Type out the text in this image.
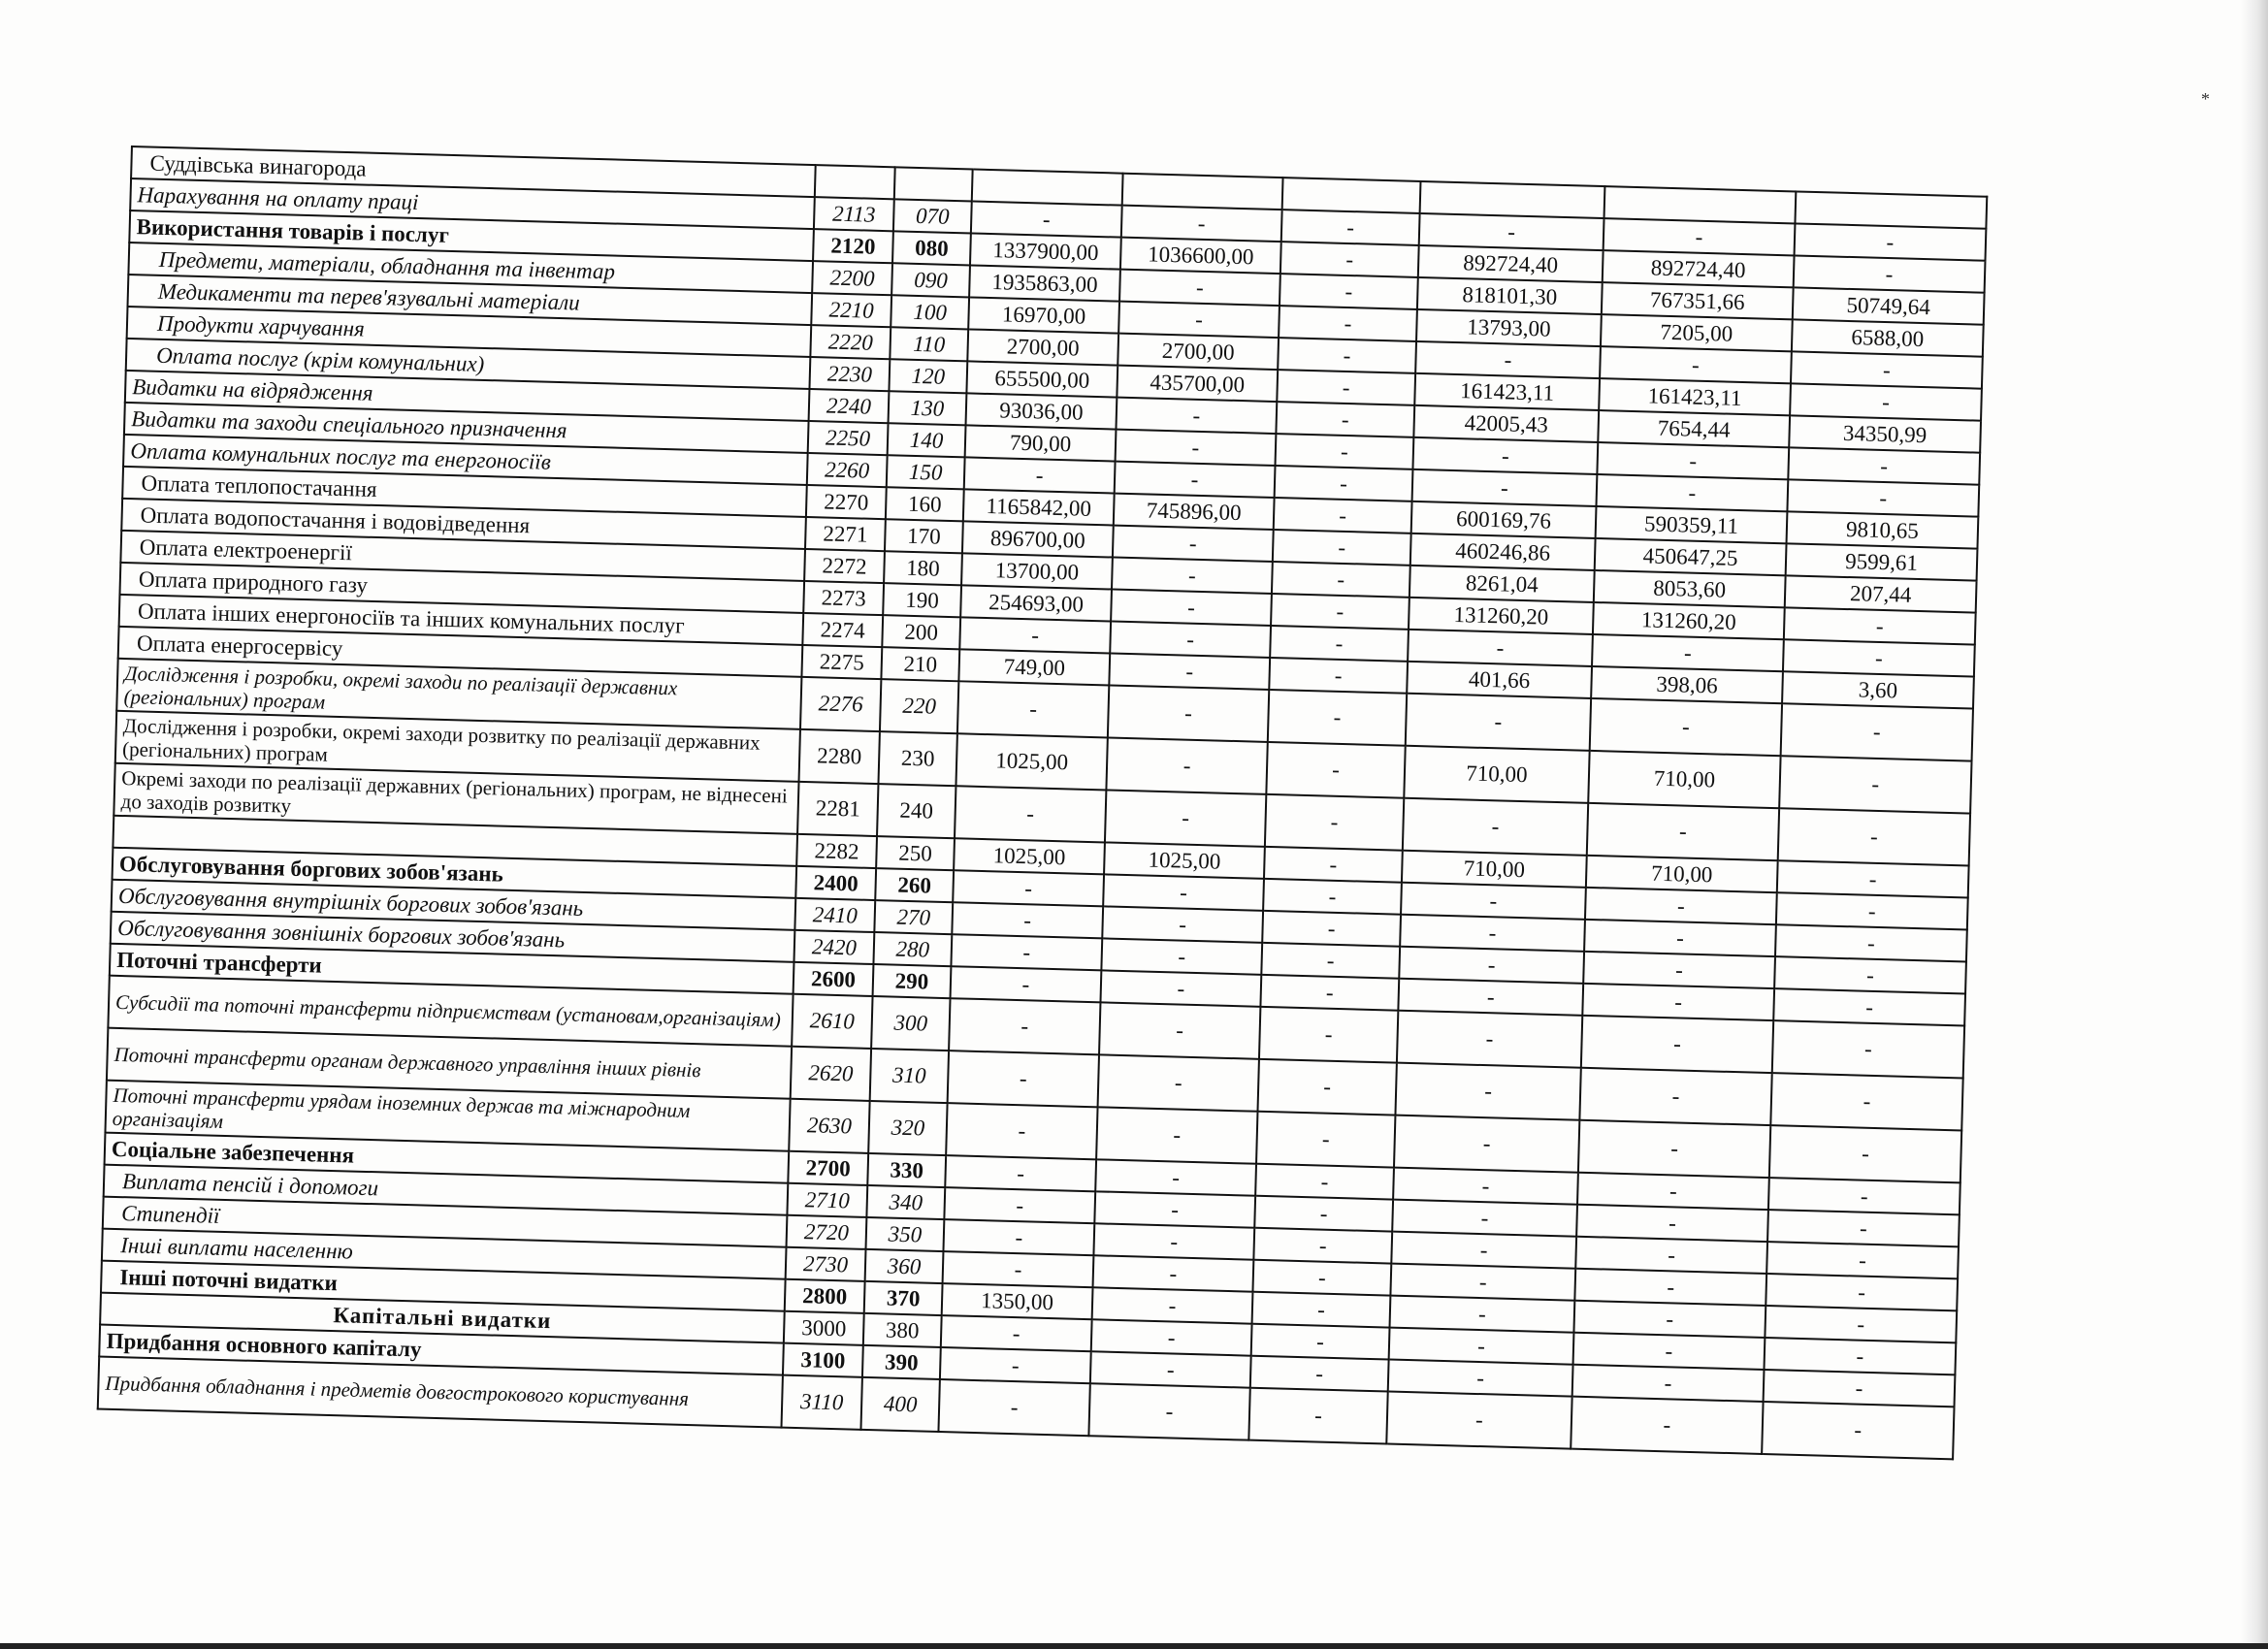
*
Суддівська винагорода								
Нарахування на оплату праці	2113	070	-	-	-	-	-	-
Використання товарів і послуг	2120	080	1337900,00	1036600,00	-	892724,40	892724,40	-
Предмети, матеріали, обладнання та інвентар	2200	090	1935863,00	-	-	818101,30	767351,66	50749,64
Медикаменти та перев'язувальні матеріали	2210	100	16970,00	-	-	13793,00	7205,00	6588,00
Продукти харчування	2220	110	2700,00	2700,00	-	-	-	-
Оплата послуг (крім комунальних)	2230	120	655500,00	435700,00	-	161423,11	161423,11	-
Видатки на відрядження	2240	130	93036,00	-	-	42005,43	7654,44	34350,99
Видатки та заходи спеціального призначення	2250	140	790,00	-	-	-	-	-
Оплата комунальних послуг та енергоносіїв	2260	150	-	-	-	-	-	-
Оплата теплопостачання	2270	160	1165842,00	745896,00	-	600169,76	590359,11	9810,65
Оплата водопостачання і водовідведення	2271	170	896700,00	-	-	460246,86	450647,25	9599,61
Оплата електроенергії	2272	180	13700,00	-	-	8261,04	8053,60	207,44
Оплата природного газу	2273	190	254693,00	-	-	131260,20	131260,20	-
Оплата інших енергоносіїв та інших комунальних послуг	2274	200	-	-	-	-	-	-
Оплата енергосервісу	2275	210	749,00	-	-	401,66	398,06	3,60
Дослідження і розробки, окремі заходи по реалізації державних (регіональних) програм	2276	220	-	-	-	-	-	-
Дослідження і розробки, окремі заходи розвитку по реалізації державних (регіональних) програм	2280	230	1025,00	-	-	710,00	710,00	-
Окремі заходи по реалізації державних (регіональних) програм, не віднесені до заходів розвитку	2281	240	-	-	-	-	-	-
	2282	250	1025,00	1025,00	-	710,00	710,00	-
Обслуговування боргових зобов'язань	2400	260	-	-	-	-	-	-
Обслуговування внутрішніх боргових зобов'язань	2410	270	-	-	-	-	-	-
Обслуговування зовнішніх боргових зобов'язань	2420	280	-	-	-	-	-	-
Поточні трансферти	2600	290	-	-	-	-	-	-
Субсидії та поточні трансферти підприємствам (установам,організаціям)	2610	300	-	-	-	-	-	-
Поточні трансферти органам державного управління інших рівнів	2620	310	-	-	-	-	-	-
Поточні трансферти урядам іноземних держав та міжнародним організаціям	2630	320	-	-	-	-	-	-
Соціальне забезпечення	2700	330	-	-	-	-	-	-
Виплата пенсій і допомоги	2710	340	-	-	-	-	-	-
Стипендії	2720	350	-	-	-	-	-	-
Інші виплати населенню	2730	360	-	-	-	-	-	-
Інші поточні видатки	2800	370	1350,00	-	-	-	-	-
Капітальні видатки	3000	380	-	-	-	-	-	-
Придбання основного капіталу	3100	390	-	-	-	-	-	-
Придбання обладнання і предметів довгострокового користування	3110	400	-	-	-	-	-	-
